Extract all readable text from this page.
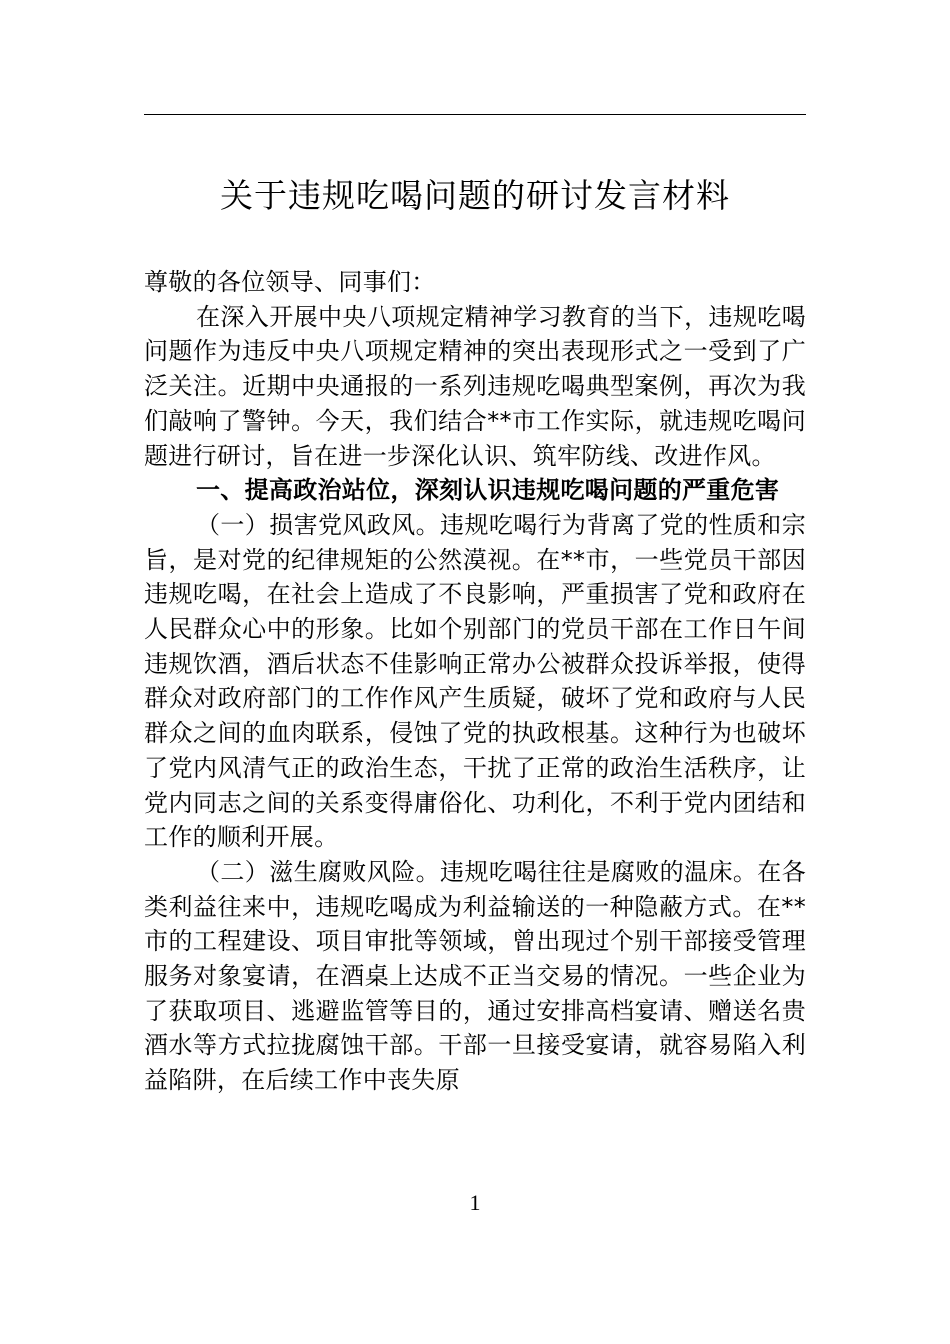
关于违规吃喝问题的研讨发言材料

尊敬的各位领导、同事们：

在深入开展中央八项规定精神学习教育的当下，违规吃喝问题作为违反中央八项规定精神的突出表现形式之一受到了广泛关注。近期中央通报的一系列违规吃喝典型案例，再次为我们敲响了警钟。今天，我们结合**市工作实际，就违规吃喝问题进行研讨，旨在进一步深化认识、筑牢防线、改进作风。

一、提高政治站位，深刻认识违规吃喝问题的严重危害

（一）损害党风政风。违规吃喝行为背离了党的性质和宗旨，是对党的纪律规矩的公然漠视。在**市，一些党员干部因违规吃喝，在社会上造成了不良影响，严重损害了党和政府在人民群众心中的形象。比如个别部门的党员干部在工作日午间违规饮酒，酒后状态不佳影响正常办公被群众投诉举报，使得群众对政府部门的工作作风产生质疑，破坏了党和政府与人民群众之间的血肉联系，侵蚀了党的执政根基。这种行为也破坏了党内风清气正的政治生态，干扰了正常的政治生活秩序，让党内同志之间的关系变得庸俗化、功利化，不利于党内团结和工作的顺利开展。

（二）滋生腐败风险。违规吃喝往往是腐败的温床。在各类利益往来中，违规吃喝成为利益输送的一种隐蔽方式。在**市的工程建设、项目审批等领域，曾出现过个别干部接受管理服务对象宴请，在酒桌上达成不正当交易的情况。一些企业为了获取项目、逃避监管等目的，通过安排高档宴请、赠送名贵酒水等方式拉拢腐蚀干部。干部一旦接受宴请，就容易陷入利益陷阱，在后续工作中丧失原

1
